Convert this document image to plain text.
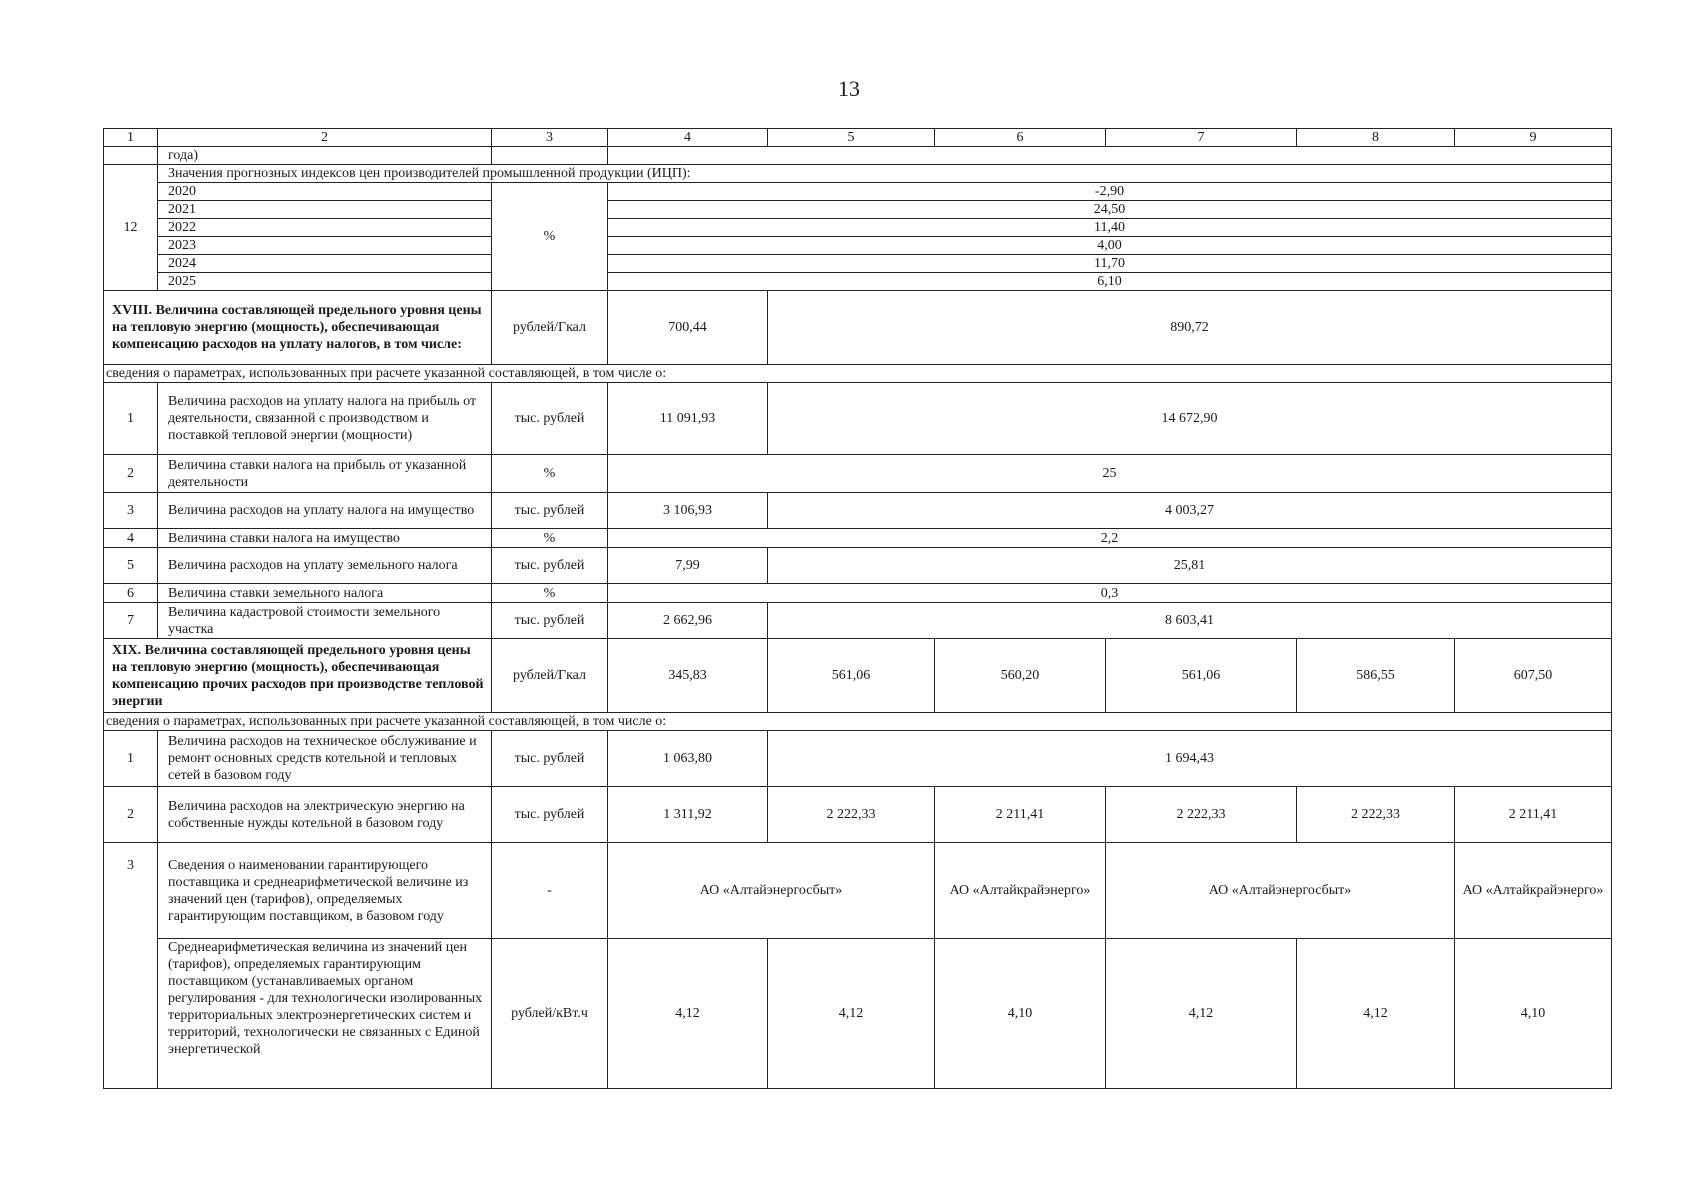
13
1	2	3	4	5	6	7	8	9
	года)							
12	Значения прогнозных индексов цен производителей промышленной продукции (ИЦП):							
	2020	%	-2,90					
	2021		24,50					
	2022		11,40					
	2023		4,00					
	2024		11,70					
	2025		6,10					
XVIII. Величина составляющей предельного уровня цены на тепловую энергию (мощность), обеспечивающая компенсацию расходов на уплату налогов, в том числе:		рублей/Гкал	700,44	890,72				
сведения о параметрах, использованных при расчете указанной составляющей, в том числе о:								
1	Величина расходов на уплату налога на прибыль от деятельности, связанной с производством и поставкой тепловой энергии (мощности)	тыс. рублей	11 091,93	14 672,90				
2	Величина ставки налога на прибыль от указанной деятельности	%	25					
3	Величина расходов на уплату налога на имущество	тыс. рублей	3 106,93	4 003,27				
4	Величина ставки налога на имущество	%	2,2					
5	Величина расходов на уплату земельного налога	тыс. рублей	7,99	25,81				
6	Величина ставки земельного налога	%	0,3					
7	Величина кадастровой стоимости земельного участка	тыс. рублей	2 662,96	8 603,41				
XIX. Величина составляющей предельного уровня цены на тепловую энергию (мощность), обеспечивающая компенсацию прочих расходов при производстве тепловой энергии		рублей/Гкал	345,83	561,06	560,20	561,06	586,55	607,50
сведения о параметрах, использованных при расчете указанной составляющей, в том числе о:								
1	Величина расходов на техническое обслуживание и ремонт основных средств котельной и тепловых сетей в базовом году	тыс. рублей	1 063,80	1 694,43				
2	Величина расходов на электрическую энергию на собственные нужды котельной в базовом году	тыс. рублей	1 311,92	2 222,33	2 211,41	2 222,33	2 222,33	2 211,41
3	Сведения о наименовании гарантирующего поставщика и среднеарифметической величине из значений цен (тарифов), определяемых гарантирующим поставщиком, в базовом году	-	АО «Алтайэнергосбыт»		АО «Алтайкрайэнерго»	АО «Алтайэнергосбыт»		АО «Алтайкрайэнерго»
	Среднеарифметическая величина из значений цен (тарифов), определяемых гарантирующим поставщиком (устанавливаемых органом регулирования - для технологически изолированных территориальных электроэнергетических систем и территорий, технологически не связанных с Единой энергетической	рублей/кВт.ч	4,12	4,12	4,10	4,12	4,12	4,10
